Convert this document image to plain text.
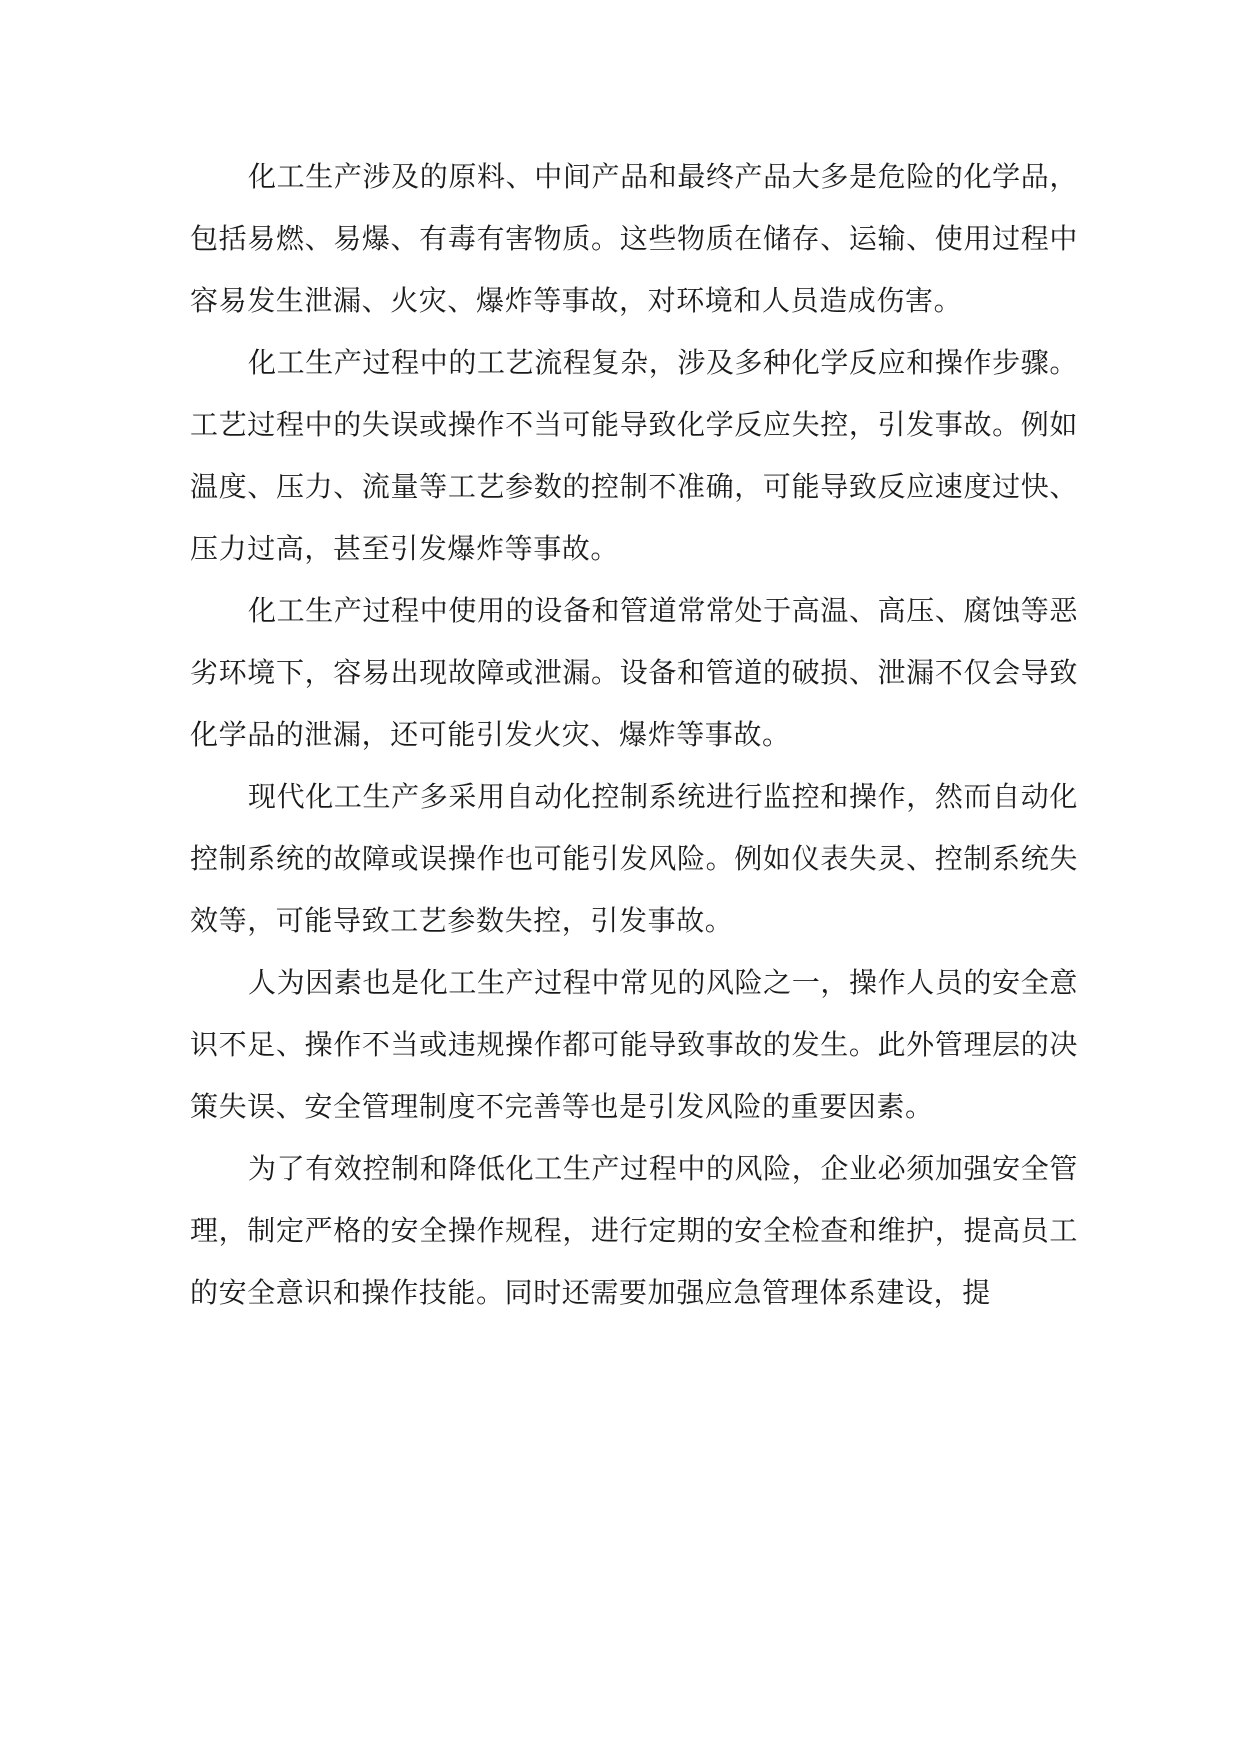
化工生产涉及的原料、中间产品和最终产品大多是危险的化学品，包括易燃、易爆、有毒有害物质。这些物质在储存、运输、使用过程中容易发生泄漏、火灾、爆炸等事故，对环境和人员造成伤害。

化工生产过程中的工艺流程复杂，涉及多种化学反应和操作步骤。工艺过程中的失误或操作不当可能导致化学反应失控，引发事故。例如温度、压力、流量等工艺参数的控制不准确，可能导致反应速度过快、压力过高，甚至引发爆炸等事故。

化工生产过程中使用的设备和管道常常处于高温、高压、腐蚀等恶劣环境下，容易出现故障或泄漏。设备和管道的破损、泄漏不仅会导致化学品的泄漏，还可能引发火灾、爆炸等事故。

现代化工生产多采用自动化控制系统进行监控和操作，然而自动化控制系统的故障或误操作也可能引发风险。例如仪表失灵、控制系统失效等，可能导致工艺参数失控，引发事故。

人为因素也是化工生产过程中常见的风险之一，操作人员的安全意识不足、操作不当或违规操作都可能导致事故的发生。此外管理层的决策失误、安全管理制度不完善等也是引发风险的重要因素。

为了有效控制和降低化工生产过程中的风险，企业必须加强安全管理，制定严格的安全操作规程，进行定期的安全检查和维护，提高员工的安全意识和操作技能。同时还需要加强应急管理体系建设，提
